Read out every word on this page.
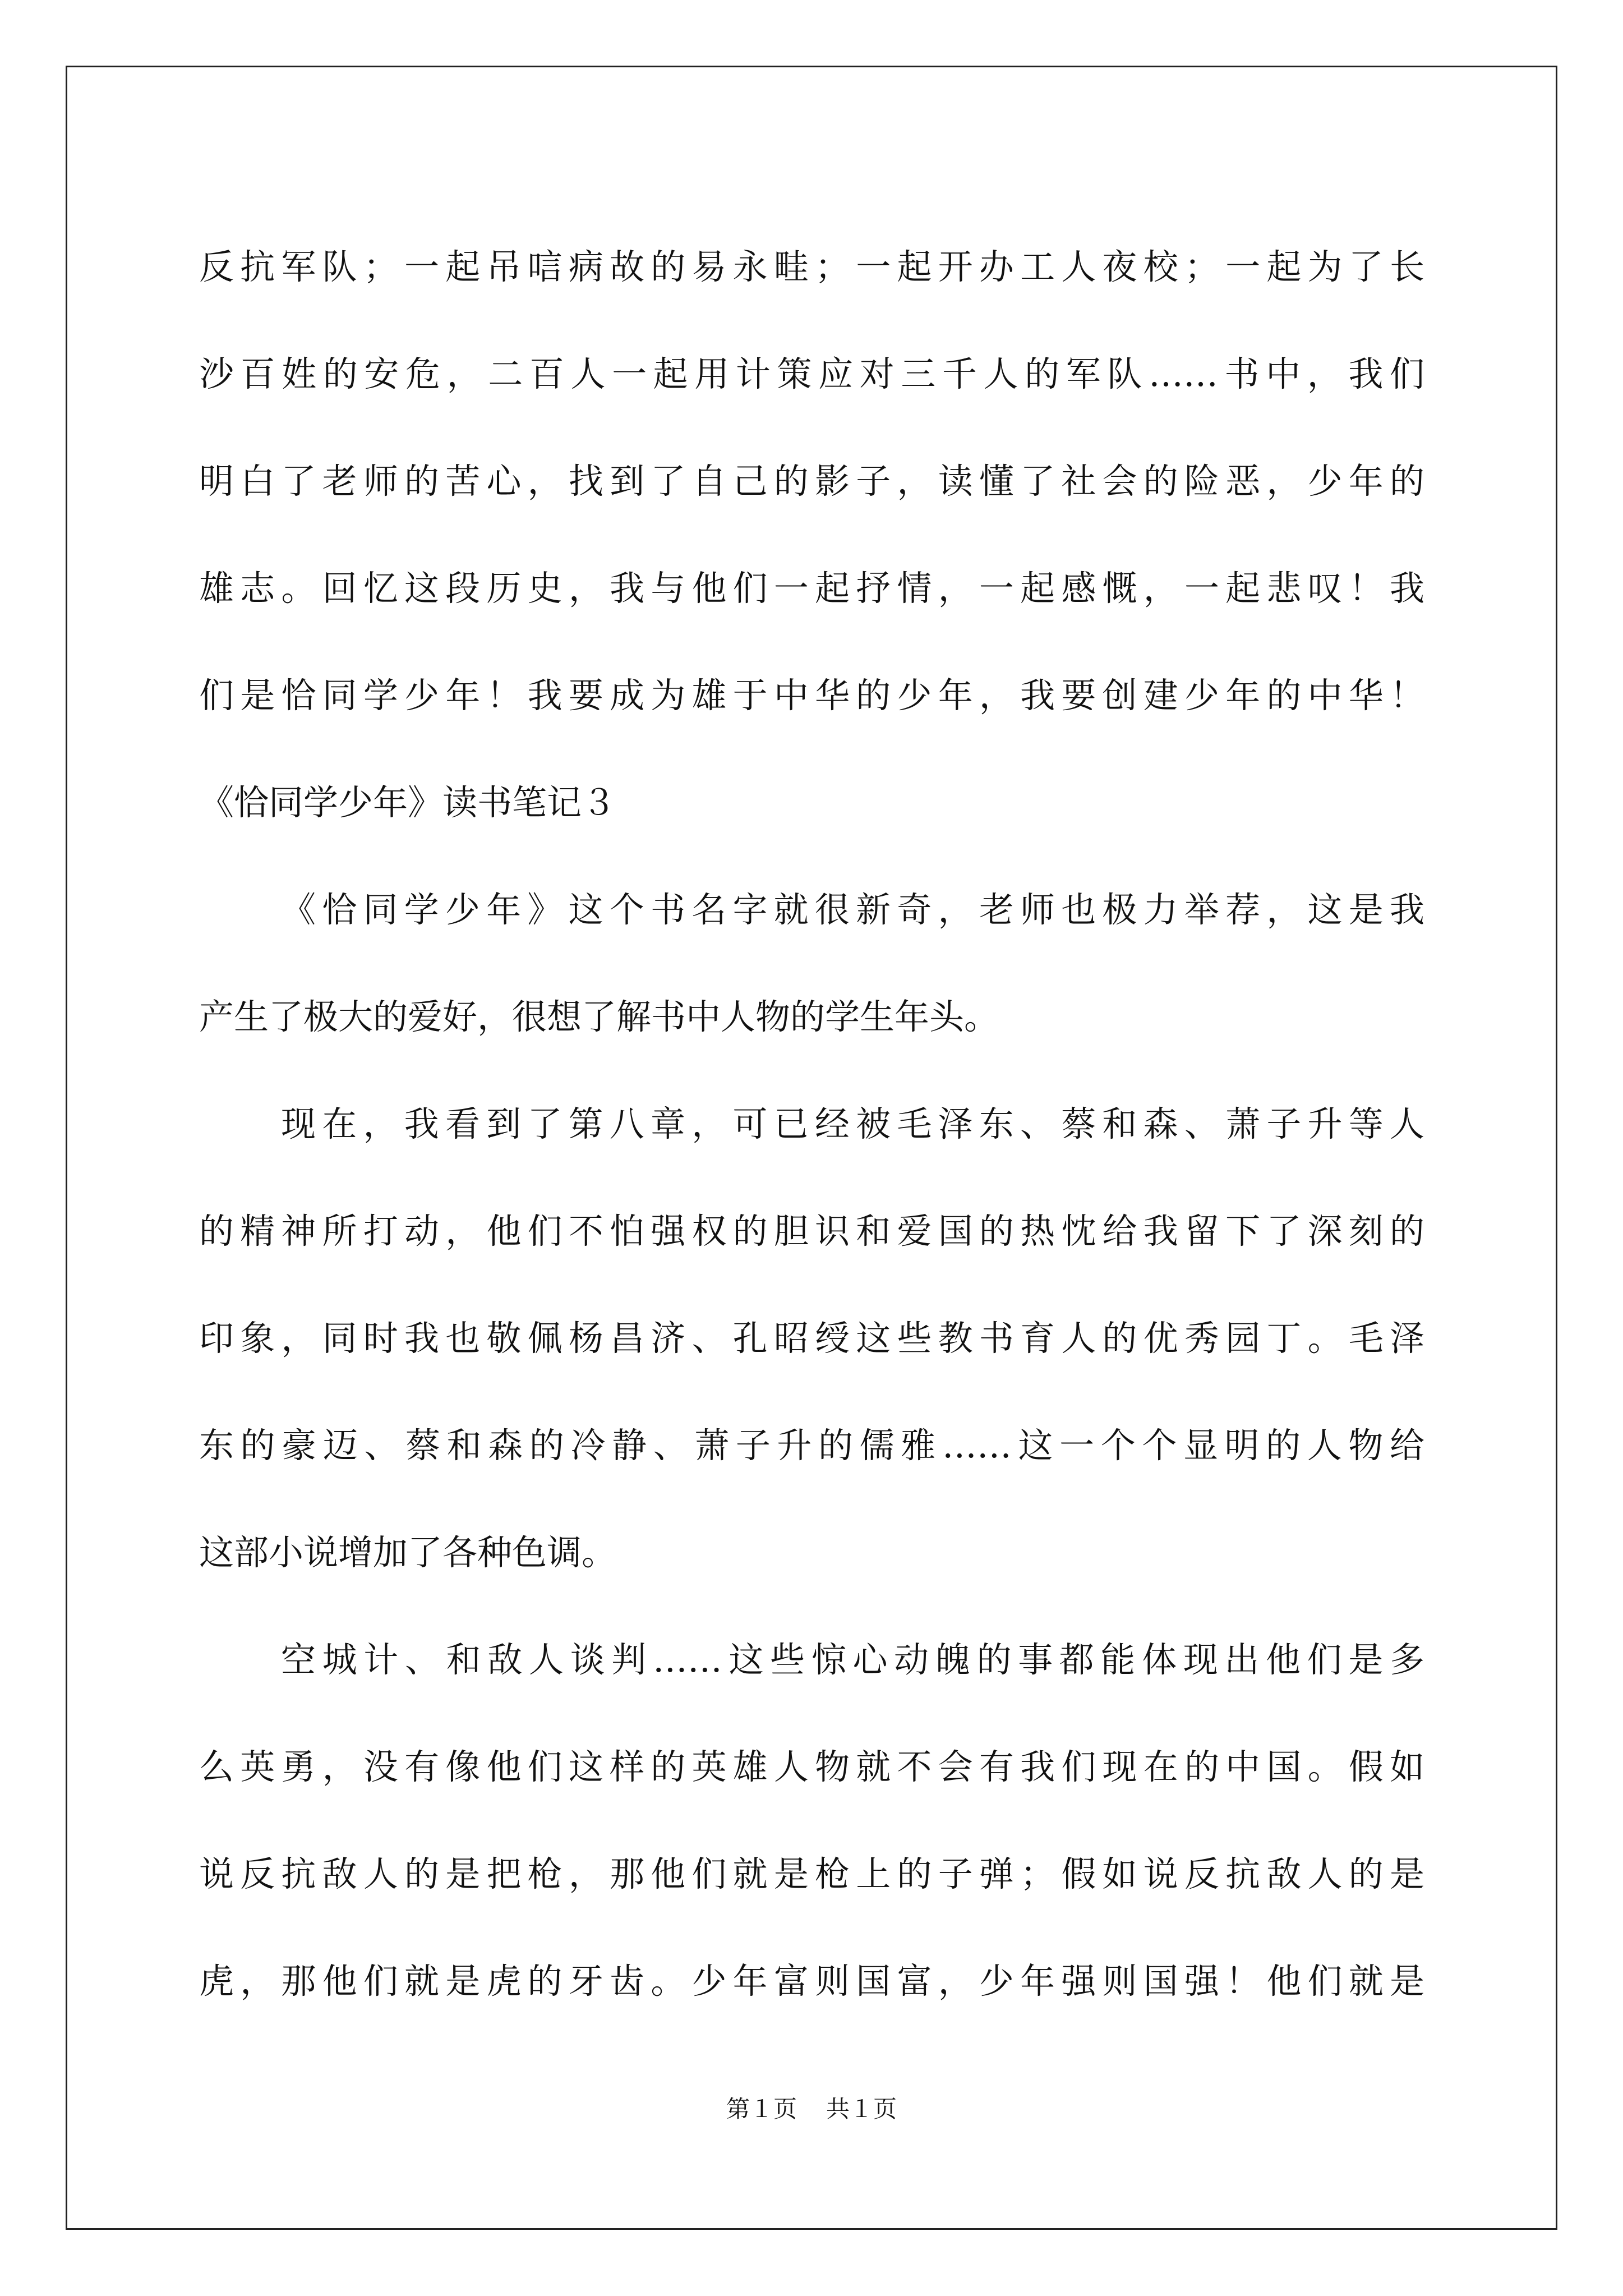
反抗军队；一起吊唁病故的易永畦；一起开办工人夜校；一起为了长
沙百姓的安危，二百人一起用计策应对三千人的军队……书中，我们
明白了老师的苦心，找到了自己的影子，读懂了社会的险恶，少年的
雄志。回忆这段历史，我与他们一起抒情，一起感慨，一起悲叹！我
们是恰同学少年！我要成为雄于中华的少年，我要创建少年的中华！
《恰同学少年》读书笔记３
《恰同学少年》这个书名字就很新奇，老师也极力举荐，这是我
产生了极大的爱好，很想了解书中人物的学生年头。
现在，我看到了第八章，可已经被毛泽东、蔡和森、萧子升等人
的精神所打动，他们不怕强权的胆识和爱国的热忱给我留下了深刻的
印象，同时我也敬佩杨昌济、孔昭绶这些教书育人的优秀园丁。毛泽
东的豪迈、蔡和森的冷静、萧子升的儒雅……这一个个显明的人物给
这部小说增加了各种色调。
空城计、和敌人谈判……这些惊心动魄的事都能体现出他们是多
么英勇，没有像他们这样的英雄人物就不会有我们现在的中国。假如
说反抗敌人的是把枪，那他们就是枪上的子弹；假如说反抗敌人的是
虎，那他们就是虎的牙齿。少年富则国富，少年强则国强！他们就是
第１页 共１页
